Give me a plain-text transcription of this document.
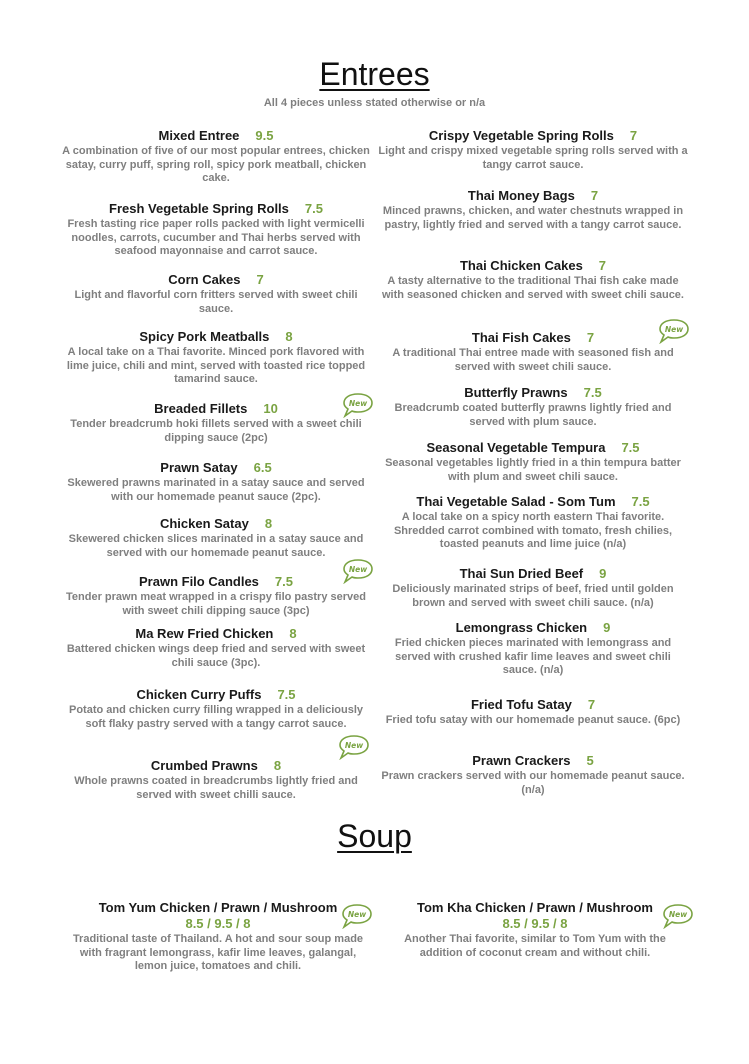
Entrees
All 4 pieces unless stated otherwise or n/a
Mixed Entree 9.5
A combination of five of our most popular entrees, chicken satay, curry puff, spring roll, spicy pork meatball, chicken cake.
Fresh Vegetable Spring Rolls 7.5
Fresh tasting rice paper rolls packed with light vermicelli noodles, carrots, cucumber and Thai herbs served with seafood mayonnaise and carrot sauce.
Corn Cakes 7
Light and flavorful corn fritters served with sweet chili sauce.
Spicy Pork Meatballs 8
A local take on a Thai favorite. Minced pork flavored with lime juice, chili and mint, served with toasted rice topped tamarind sauce.
Breaded Fillets 10
Tender breadcrumb hoki fillets served with a sweet chili dipping sauce (2pc)
Prawn Satay 6.5
Skewered prawns marinated in a satay sauce and served with our homemade peanut sauce (2pc).
Chicken Satay 8
Skewered chicken slices marinated in a satay sauce and served with our homemade peanut sauce.
Prawn Filo Candles 7.5
Tender prawn meat wrapped in a crispy filo pastry served with sweet chili dipping sauce (3pc)
Ma Rew Fried Chicken 8
Battered chicken wings deep fried and served with sweet chili sauce (3pc).
Chicken Curry Puffs 7.5
Potato and chicken curry filling wrapped in a deliciously soft flaky pastry served with a tangy carrot sauce.
Crumbed Prawns 8
Whole prawns coated in breadcrumbs lightly fried and served with sweet chilli sauce.
Crispy Vegetable Spring Rolls 7
Light and crispy mixed vegetable spring rolls served with a tangy carrot sauce.
Thai Money Bags 7
Minced prawns, chicken, and water chestnuts wrapped in pastry, lightly fried and served with a tangy carrot sauce.
Thai Chicken Cakes 7
A tasty alternative to the traditional Thai fish cake made with seasoned chicken and served with sweet chili sauce.
Thai Fish Cakes 7
A traditional Thai entree made with seasoned fish and served with sweet chili sauce.
Butterfly Prawns 7.5
Breadcrumb coated butterfly prawns lightly fried and served with plum sauce.
Seasonal Vegetable Tempura 7.5
Seasonal vegetables lightly fried in a thin tempura batter with plum and sweet chili sauce.
Thai Vegetable Salad - Som Tum 7.5
A local take on a spicy north eastern Thai favorite. Shredded carrot combined with tomato, fresh chilies, toasted peanuts and lime juice (n/a)
Thai Sun Dried Beef 9
Deliciously marinated strips of beef, fried until golden brown and served with sweet chili sauce. (n/a)
Lemongrass Chicken 9
Fried chicken pieces marinated with lemongrass and served with crushed kafir lime leaves and sweet chili sauce. (n/a)
Fried Tofu Satay 7
Fried tofu satay with our homemade peanut sauce. (6pc)
Prawn Crackers 5
Prawn crackers served with our homemade peanut sauce. (n/a)
Soup
Tom Yum Chicken / Prawn / Mushroom
8.5 / 9.5 / 8
Traditional taste of Thailand. A hot and sour soup made with fragrant lemongrass, kafir lime leaves, galangal, lemon juice, tomatoes and chili.
Tom Kha Chicken / Prawn / Mushroom
8.5 / 9.5 / 8
Another Thai favorite, similar to Tom Yum with the addition of coconut cream and without chili.
New
New
New
New
New	New
